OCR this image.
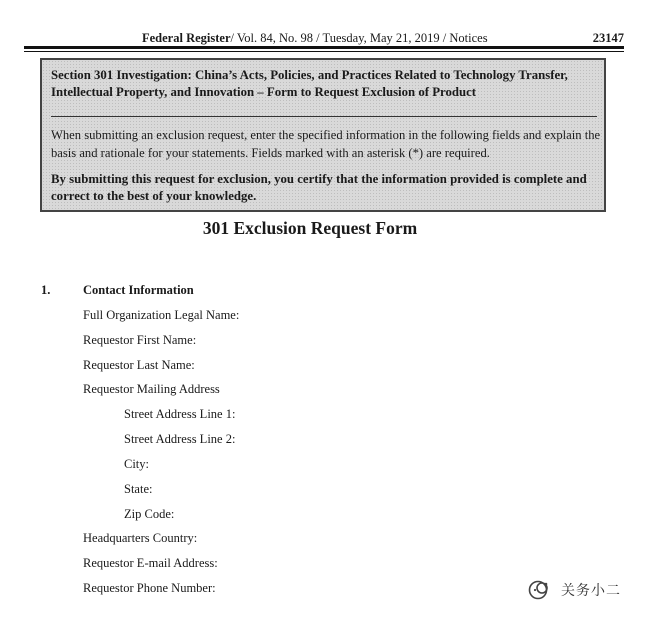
Federal Register/ Vol. 84, No. 98 / Tuesday, May 21, 2019 / Notices	23147
Section 301 Investigation: China’s Acts, Policies, and Practices Related to Technology Transfer, Intellectual Property, and Innovation – Form to Request Exclusion of Product
When submitting an exclusion request, enter the specified information in the following fields and explain the basis and rationale for your statements. Fields marked with an asterisk (*) are required.
By submitting this request for exclusion, you certify that the information provided is complete and correct to the best of your knowledge.
301 Exclusion Request Form
1.	Contact Information
Full Organization Legal Name:
Requestor First Name:
Requestor Last Name:
Requestor Mailing Address
Street Address Line 1:
Street Address Line 2:
City:
State:
Zip Code:
Headquarters Country:
Requestor E-mail Address:
Requestor Phone Number:	关务小二
